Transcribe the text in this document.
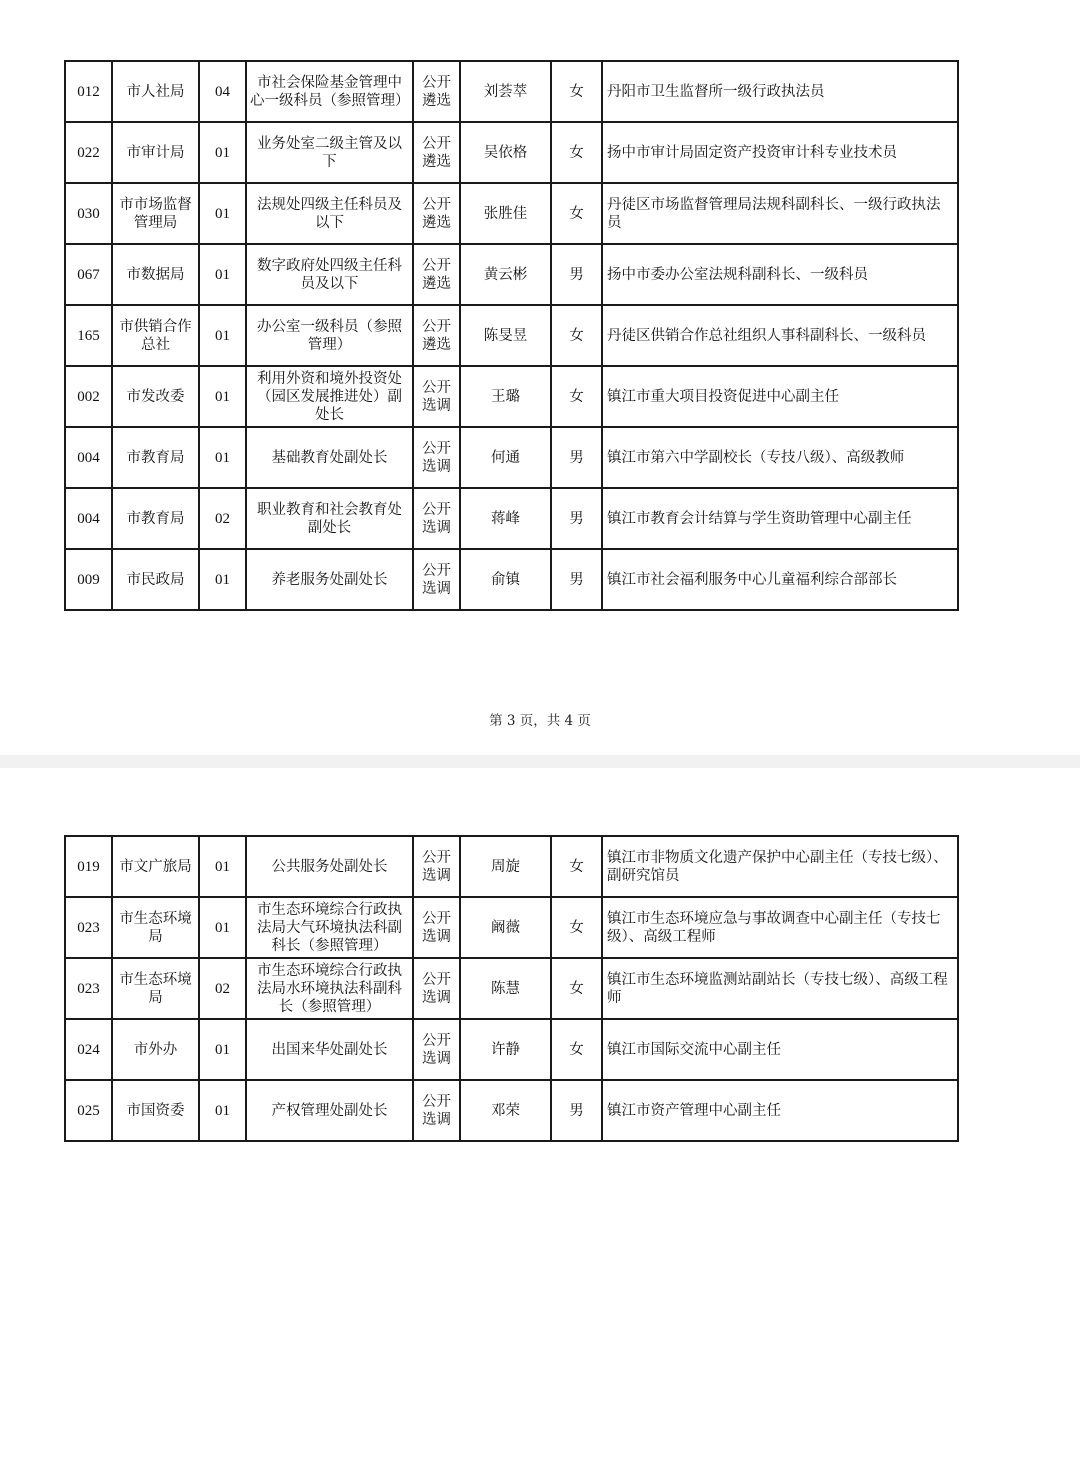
012	市人社局	04	市社会保险基金管理中心一级科员（参照管理）	公开遴选	刘荟萃	女	丹阳市卫生监督所一级行政执法员
022	市审计局	01	业务处室二级主管及以下	公开遴选	吴依格	女	扬中市审计局固定资产投资审计科专业技术员
030	市市场监督管理局	01	法规处四级主任科员及以下	公开遴选	张胜佳	女	丹徒区市场监督管理局法规科副科长、一级行政执法员
067	市数据局	01	数字政府处四级主任科员及以下	公开遴选	黄云彬	男	扬中市委办公室法规科副科长、一级科员
165	市供销合作总社	01	办公室一级科员（参照管理）	公开遴选	陈旻昱	女	丹徒区供销合作总社组织人事科副科长、一级科员
002	市发改委	01	利用外资和境外投资处（园区发展推进处）副处长	公开选调	王璐	女	镇江市重大项目投资促进中心副主任
004	市教育局	01	基础教育处副处长	公开选调	何通	男	镇江市第六中学副校长（专技八级）、高级教师
004	市教育局	02	职业教育和社会教育处副处长	公开选调	蒋峰	男	镇江市教育会计结算与学生资助管理中心副主任
009	市民政局	01	养老服务处副处长	公开选调	俞镇	男	镇江市社会福利服务中心儿童福利综合部部长
第 3 页，共 4 页
019	市文广旅局	01	公共服务处副处长	公开选调	周旋	女	镇江市非物质文化遗产保护中心副主任（专技七级）、副研究馆员
023	市生态环境局	01	市生态环境综合行政执法局大气环境执法科副科长（参照管理）	公开选调	阚薇	女	镇江市生态环境应急与事故调查中心副主任（专技七级）、高级工程师
023	市生态环境局	02	市生态环境综合行政执法局水环境执法科副科长（参照管理）	公开选调	陈慧	女	镇江市生态环境监测站副站长（专技七级）、高级工程师
024	市外办	01	出国来华处副处长	公开选调	许静	女	镇江市国际交流中心副主任
025	市国资委	01	产权管理处副处长	公开选调	邓荣	男	镇江市资产管理中心副主任
